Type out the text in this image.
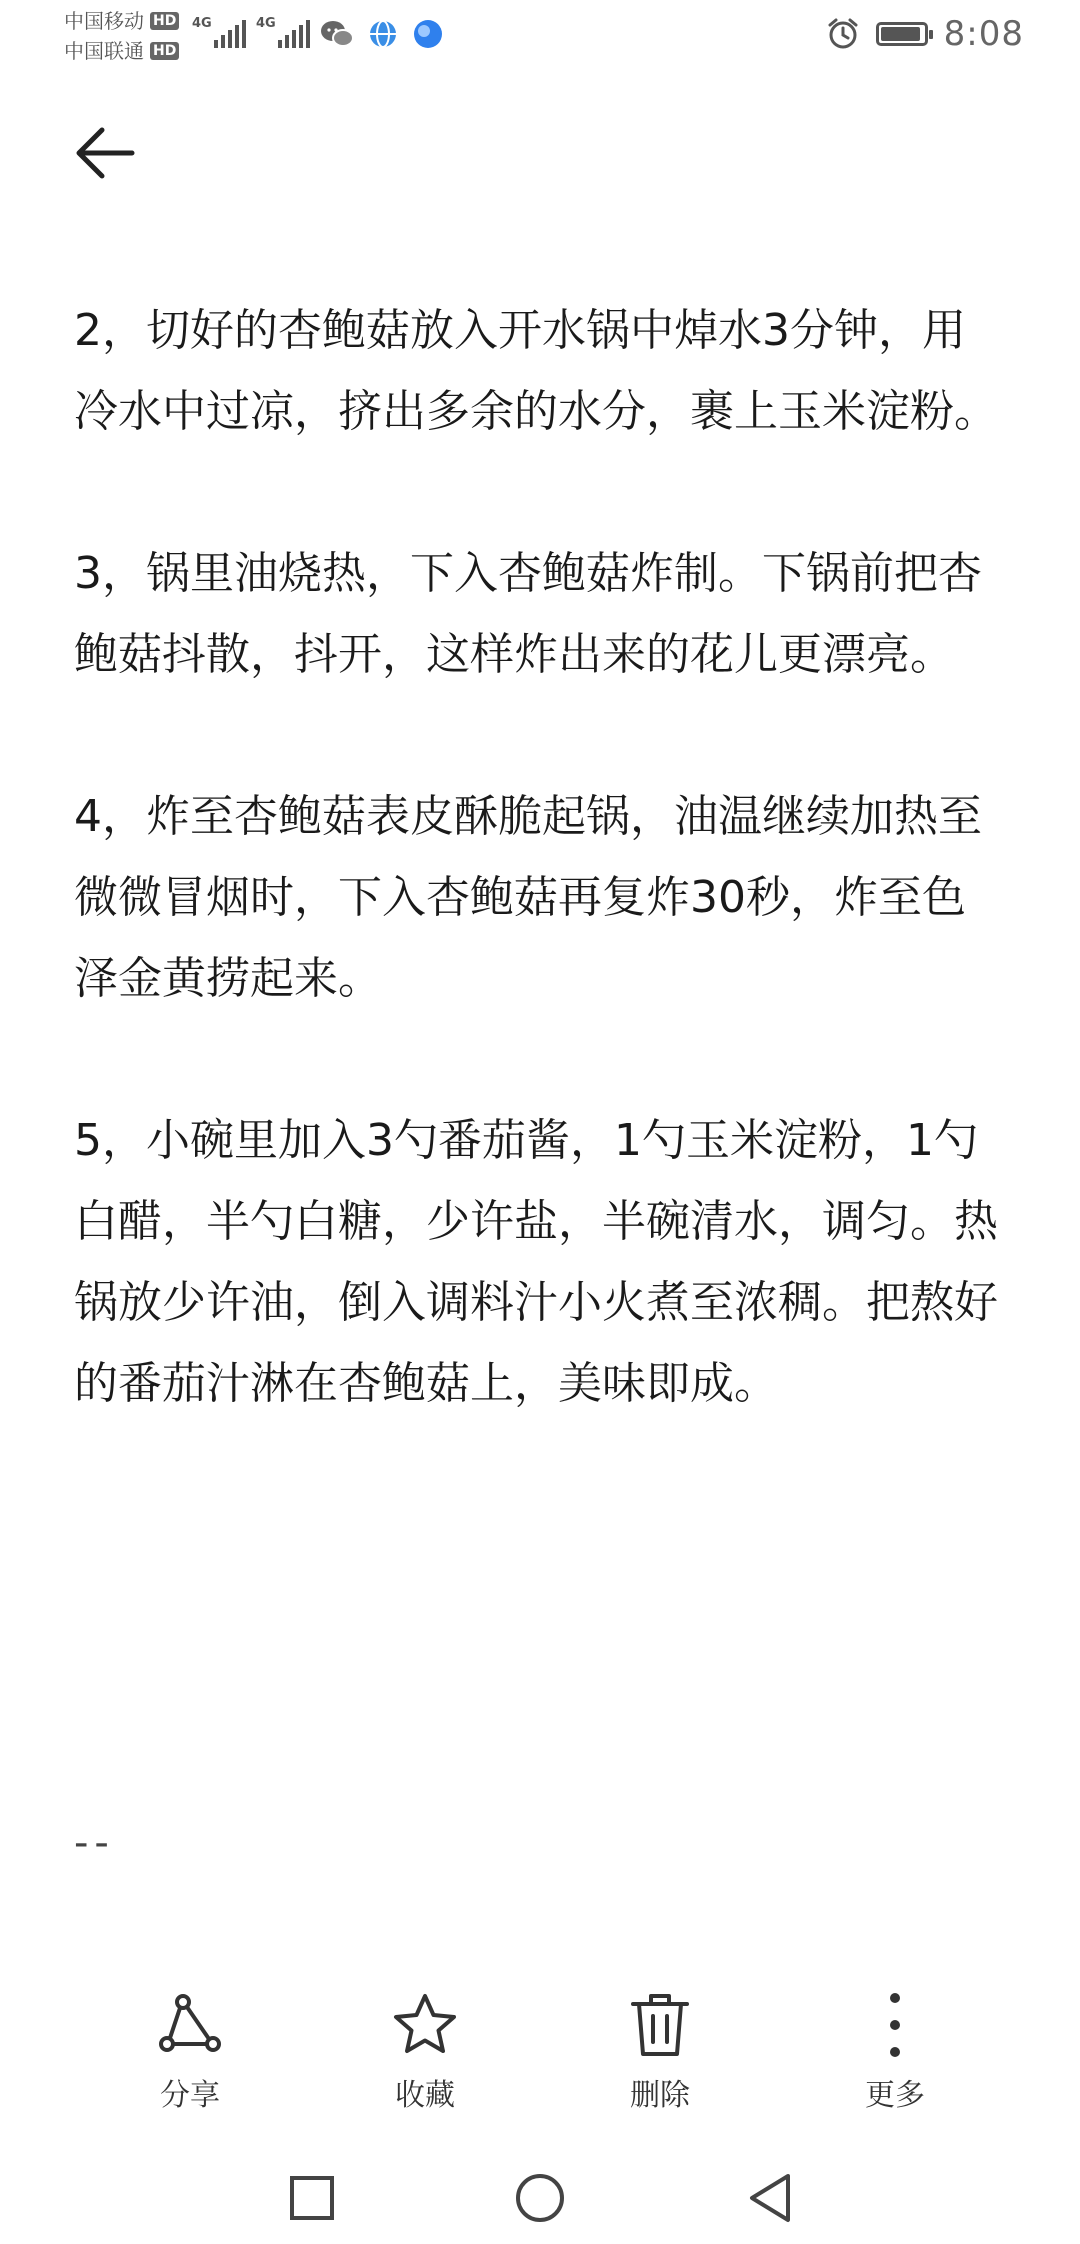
中国移动 HD
中国联通 HD
4G	4G	8:08

2，切好的杏鲍菇放入开水锅中焯水3分钟，用冷水中过凉，挤出多余的水分，裹上玉米淀粉。

3，锅里油烧热，下入杏鲍菇炸制。下锅前把杏鲍菇抖散，抖开，这样炸出来的花儿更漂亮。

4，炸至杏鲍菇表皮酥脆起锅，油温继续加热至微微冒烟时，下入杏鲍菇再复炸30秒，炸至色泽金黄捞起来。

5，小碗里加入3勺番茄酱，1勺玉米淀粉，1勺白醋，半勺白糖，少许盐，半碗清水，调匀。热锅放少许油，倒入调料汁小火煮至浓稠。把熬好的番茄汁淋在杏鲍菇上，美味即成。

--
分享	收藏	删除	更多
